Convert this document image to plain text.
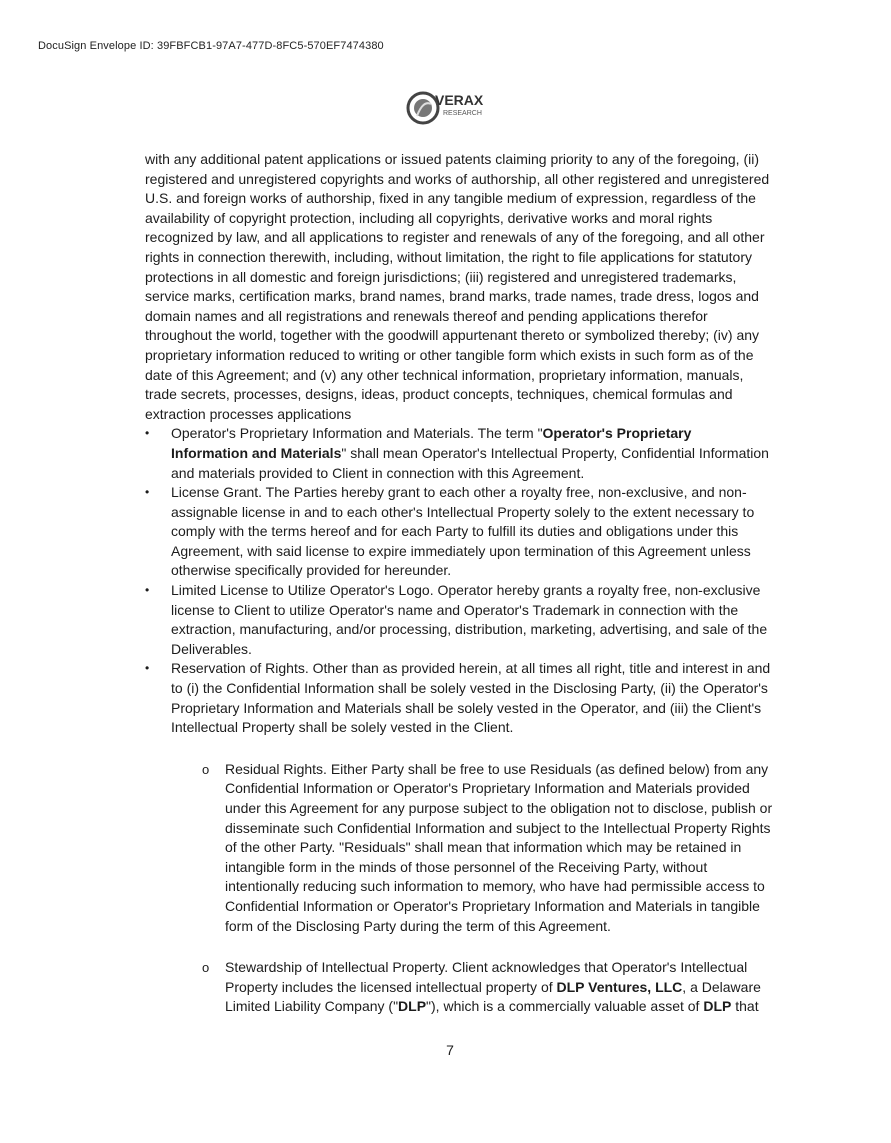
DocuSign Envelope ID: 39FBFCB1-97A7-477D-8FC5-570EF7474380
VERAX
RESEARCH

with any additional patent applications or issued patents claiming priority to any of the foregoing, (ii) registered and unregistered copyrights and works of authorship, all other registered and unregistered U.S. and foreign works of authorship, fixed in any tangible medium of expression, regardless of the availability of copyright protection, including all copyrights, derivative works and moral rights recognized by law, and all applications to register and renewals of any of the foregoing, and all other rights in connection therewith, including, without limitation, the right to file applications for statutory protections in all domestic and foreign jurisdictions; (iii) registered and unregistered trademarks, service marks, certification marks, brand names, brand marks, trade names, trade dress, logos and domain names and all registrations and renewals thereof and pending applications therefor throughout the world, together with the goodwill appurtenant thereto or symbolized thereby; (iv) any proprietary information reduced to writing or other tangible form which exists in such form as of the date of this Agreement; and (v) any other technical information, proprietary information, manuals, trade secrets, processes, designs, ideas, product concepts, techniques, chemical formulas and extraction processes applications

•	Operator's Proprietary Information and Materials. The term "Operator's Proprietary Information and Materials" shall mean Operator's Intellectual Property, Confidential Information and materials provided to Client in connection with this Agreement.
•	License Grant. The Parties hereby grant to each other a royalty free, non-exclusive, and non-assignable license in and to each other's Intellectual Property solely to the extent necessary to comply with the terms hereof and for each Party to fulfill its duties and obligations under this Agreement, with said license to expire immediately upon termination of this Agreement unless otherwise specifically provided for hereunder.
•	Limited License to Utilize Operator's Logo. Operator hereby grants a royalty free, non-exclusive license to Client to utilize Operator's name and Operator's Trademark in connection with the extraction, manufacturing, and/or processing, distribution, marketing, advertising, and sale of the Deliverables.
•	Reservation of Rights. Other than as provided herein, at all times all right, title and interest in and to (i) the Confidential Information shall be solely vested in the Disclosing Party, (ii) the Operator's Proprietary Information and Materials shall be solely vested in the Operator, and (iii) the Client's Intellectual Property shall be solely vested in the Client.
o Residual Rights. Either Party shall be free to use Residuals (as defined below) from any Confidential Information or Operator's Proprietary Information and Materials provided under this Agreement for any purpose subject to the obligation not to disclose, publish or disseminate such Confidential Information and subject to the Intellectual Property Rights of the other Party. "Residuals" shall mean that information which may be retained in intangible form in the minds of those personnel of the Receiving Party, without intentionally reducing such information to memory, who have had permissible access to Confidential Information or Operator's Proprietary Information and Materials in tangible form of the Disclosing Party during the term of this Agreement.
o Stewardship of Intellectual Property. Client acknowledges that Operator's Intellectual Property includes the licensed intellectual property of DLP Ventures, LLC, a Delaware Limited Liability Company ("DLP"), which is a commercially valuable asset of DLP that
7
